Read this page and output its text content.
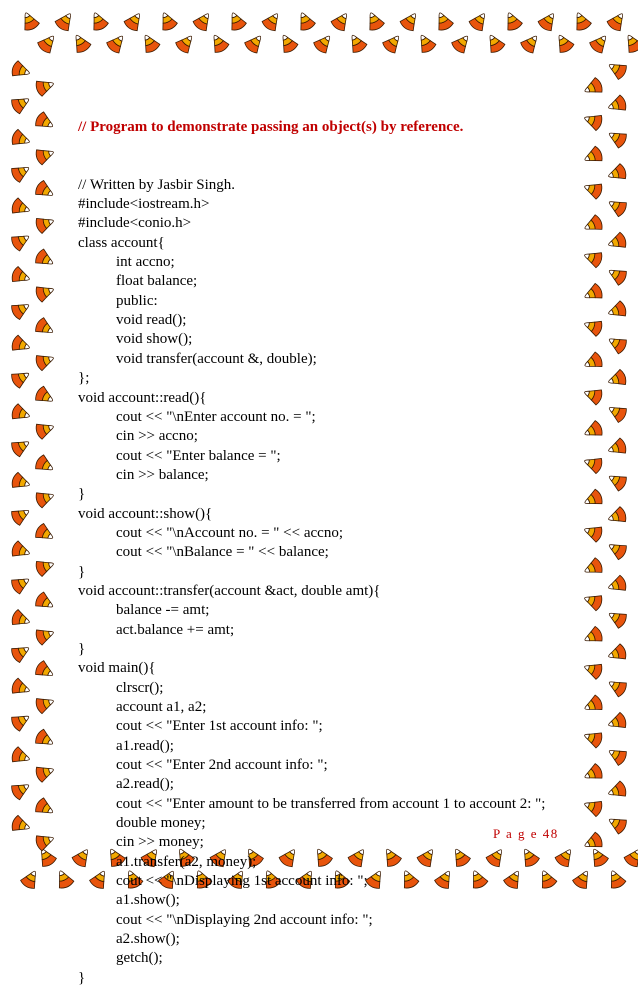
// Program to demonstrate passing an object(s) by reference.

// Written by Jasbir Singh.
#include<iostream.h>
#include<conio.h>
class account{
int accno;
float balance;
public:
void read();
void show();
void transfer(account &, double);
};
void account::read(){
cout << "\nEnter account no. = ";
cin >> accno;
cout << "Enter balance = ";
cin >> balance;
}
void account::show(){
cout << "\nAccount no. = " << accno;
cout << "\nBalance = " << balance;
}
void account::transfer(account &act, double amt){
balance -= amt;
act.balance += amt;
}
void main(){
clrscr();
account a1, a2;
cout << "Enter 1st account info: ";
a1.read();
cout << "Enter 2nd account info: ";
a2.read();
cout << "Enter amount to be transferred from account 1 to account 2: ";
double money;
cin >> money;
a1.transfer(a2, money);
cout << "\nDisplaying 1st account info: ";
a1.show();
cout << "\nDisplaying 2nd account info: ";
a2.show();
getch();
}
P a g e 48
